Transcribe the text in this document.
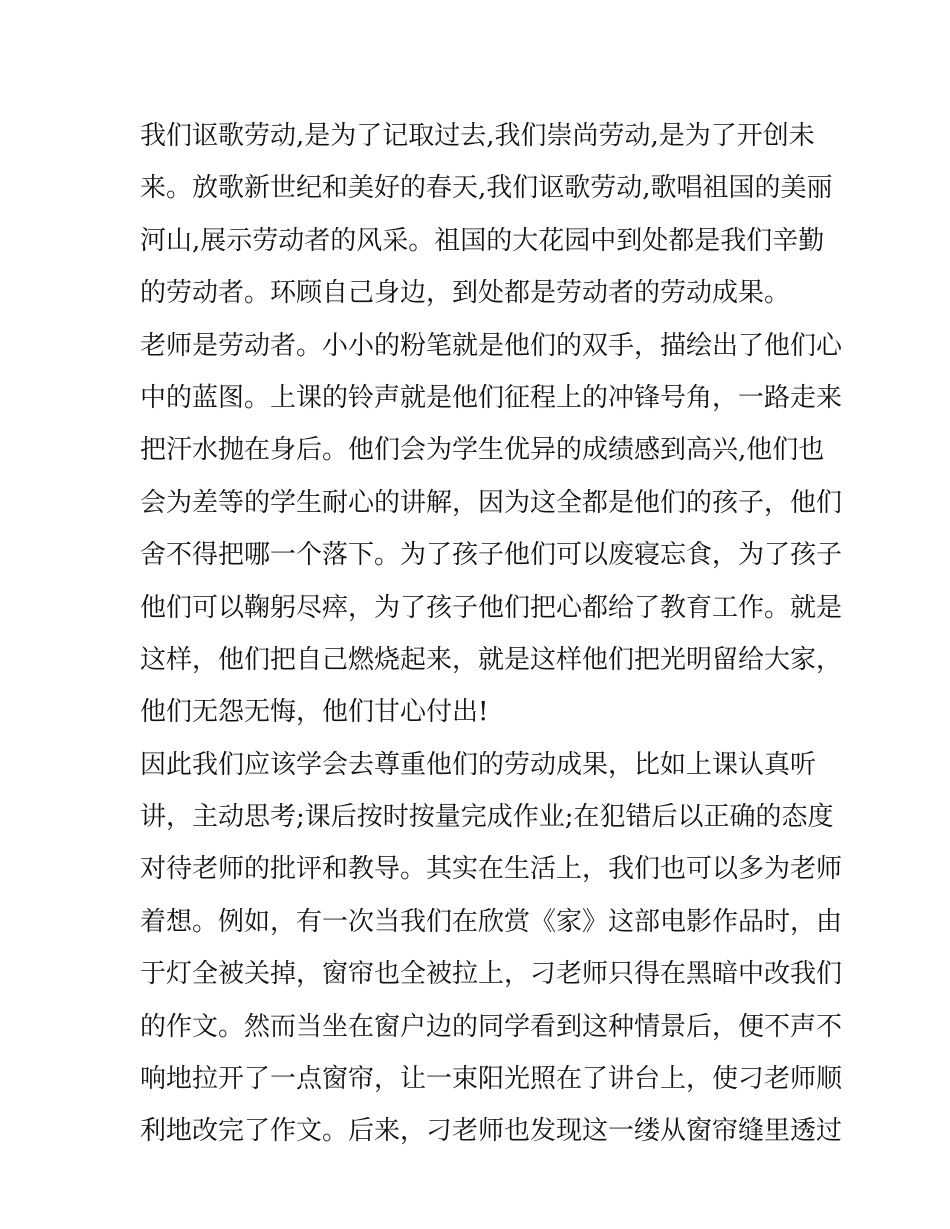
我们讴歌劳动,是为了记取过去,我们崇尚劳动,是为了开创未
来。放歌新世纪和美好的春天,我们讴歌劳动,歌唱祖国的美丽
河山,展示劳动者的风采。祖国的大花园中到处都是我们辛勤
的劳动者。环顾自己身边，到处都是劳动者的劳动成果。
老师是劳动者。小小的粉笔就是他们的双手，描绘出了他们心
中的蓝图。上课的铃声就是他们征程上的冲锋号角，一路走来
把汗水抛在身后。他们会为学生优异的成绩感到高兴,他们也
会为差等的学生耐心的讲解，因为这全都是他们的孩子，他们
舍不得把哪一个落下。为了孩子他们可以废寝忘食，为了孩子
他们可以鞠躬尽瘁，为了孩子他们把心都给了教育工作。就是
这样，他们把自己燃烧起来，就是这样他们把光明留给大家，
他们无怨无悔，他们甘心付出!
因此我们应该学会去尊重他们的劳动成果，比如上课认真听
讲，主动思考;课后按时按量完成作业;在犯错后以正确的态度
对待老师的批评和教导。其实在生活上，我们也可以多为老师
着想。例如，有一次当我们在欣赏《家》这部电影作品时，由
于灯全被关掉，窗帘也全被拉上，刁老师只得在黑暗中改我们
的作文。然而当坐在窗户边的同学看到这种情景后，便不声不
响地拉开了一点窗帘，让一束阳光照在了讲台上，使刁老师顺
利地改完了作文。后来，刁老师也发现这一缕从窗帘缝里透过
